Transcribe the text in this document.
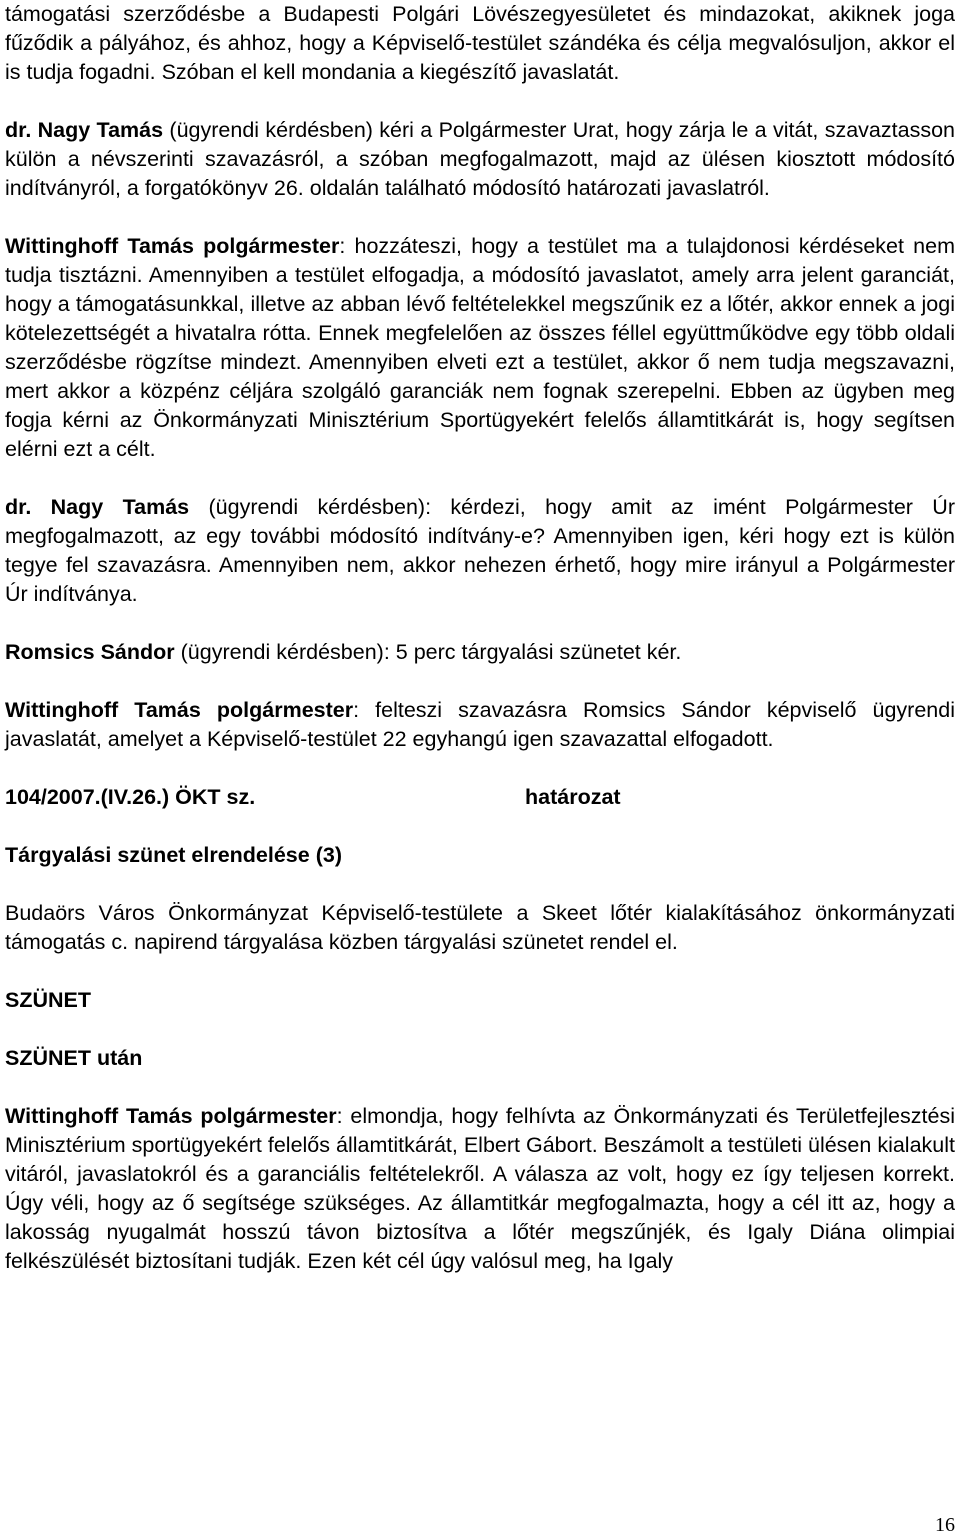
támogatási szerződésbe a Budapesti Polgári Lövészegyesületet és mindazokat, akiknek joga fűződik a pályához, és ahhoz, hogy a Képviselő-testület szándéka és célja megvalósuljon, akkor el is tudja fogadni. Szóban el kell mondania a kiegészítő javaslatát.

dr. Nagy Tamás (ügyrendi kérdésben) kéri a Polgármester Urat, hogy zárja le a vitát, szavaztasson külön a névszerinti szavazásról, a szóban megfogalmazott, majd az ülésen kiosztott módosító indítványról, a forgatókönyv 26. oldalán található módosító határozati javaslatról.

Wittinghoff Tamás polgármester: hozzáteszi, hogy a testület ma a tulajdonosi kérdéseket nem tudja tisztázni. Amennyiben a testület elfogadja, a módosító javaslatot, amely arra jelent garanciát, hogy a támogatásunkkal, illetve az abban lévő feltételekkel megszűnik ez a lőtér, akkor ennek a jogi kötelezettségét a hivatalra rótta. Ennek megfelelően az összes féllel együttműködve egy több oldali szerződésbe rögzítse mindezt. Amennyiben elveti ezt a testület, akkor ő nem tudja megszavazni, mert akkor a közpénz céljára szolgáló garanciák nem fognak szerepelni. Ebben az ügyben meg fogja kérni az Önkormányzati Minisztérium Sportügyekért felelős államtitkárát is, hogy segítsen elérni ezt a célt.

dr. Nagy Tamás (ügyrendi kérdésben): kérdezi, hogy amit az imént Polgármester Úr megfogalmazott, az egy további módosító indítvány-e? Amennyiben igen, kéri hogy ezt is külön tegye fel szavazásra. Amennyiben nem, akkor nehezen érhető, hogy mire irányul a Polgármester Úr indítványa.

Romsics Sándor (ügyrendi kérdésben): 5 perc tárgyalási szünetet kér.

Wittinghoff Tamás polgármester: felteszi szavazásra Romsics Sándor képviselő ügyrendi javaslatát, amelyet a Képviselő-testület 22 egyhangú igen szavazattal elfogadott.

104/2007.(IV.26.) ÖKT sz.	határozat

Tárgyalási szünet elrendelése (3)

Budaörs Város Önkormányzat Képviselő-testülete a Skeet lőtér kialakításához önkormányzati támogatás c. napirend tárgyalása közben tárgyalási szünetet rendel el.

SZÜNET

SZÜNET után

Wittinghoff Tamás polgármester: elmondja, hogy felhívta az Önkormányzati és Területfejlesztési Minisztérium sportügyekért felelős államtitkárát, Elbert Gábort. Beszámolt a testületi ülésen kialakult vitáról, javaslatokról és a garanciális feltételekről. A válasza az volt, hogy ez így teljesen korrekt. Úgy véli, hogy az ő segítsége szükséges. Az államtitkár megfogalmazta, hogy a cél itt az, hogy a lakosság nyugalmát hosszú távon biztosítva a lőtér megszűnjék, és Igaly Diána olimpiai felkészülését biztosítani tudják. Ezen két cél úgy valósul meg, ha Igaly

16
